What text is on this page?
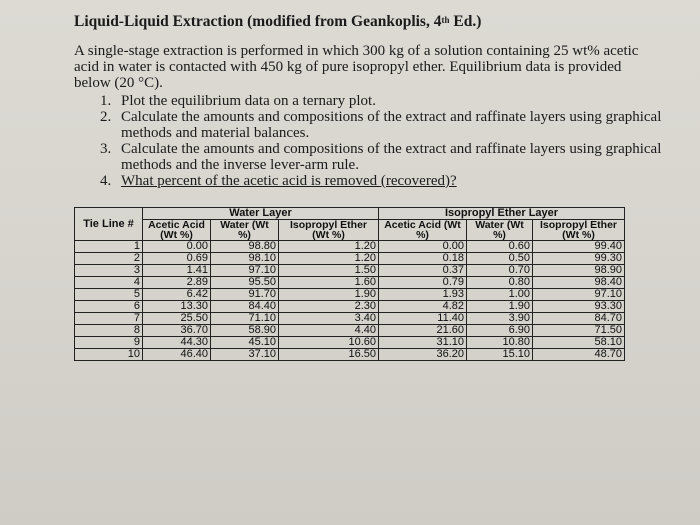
Liquid-Liquid Extraction (modified from Geankoplis, 4th Ed.)
A single-stage extraction is performed in which 300 kg of a solution containing 25 wt% acetic acid in water is contacted with 450 kg of pure isopropyl ether. Equilibrium data is provided below (20 °C).
1. Plot the equilibrium data on a ternary plot.
2. Calculate the amounts and compositions of the extract and raffinate layers using graphical methods and material balances.
3. Calculate the amounts and compositions of the extract and raffinate layers using graphical methods and the inverse lever-arm rule.
4. What percent of the acetic acid is removed (recovered)?
Tie Line #	Water Layer			Isopropyl Ether Layer		
	Acetic Acid (Wt %)	Water (Wt %)	Isopropyl Ether (Wt %)	Acetic Acid (Wt %)	Water (Wt %)	Isopropyl Ether (Wt %)

1	0.00	98.80	1.20	0.00	0.60	99.40
2	0.69	98.10	1.20	0.18	0.50	99.30
3	1.41	97.10	1.50	0.37	0.70	98.90
4	2.89	95.50	1.60	0.79	0.80	98.40
5	6.42	91.70	1.90	1.93	1.00	97.10
6	13.30	84.40	2.30	4.82	1.90	93.30
7	25.50	71.10	3.40	11.40	3.90	84.70
8	36.70	58.90	4.40	21.60	6.90	71.50
9	44.30	45.10	10.60	31.10	10.80	58.10
10	46.40	37.10	16.50	36.20	15.10	48.70
